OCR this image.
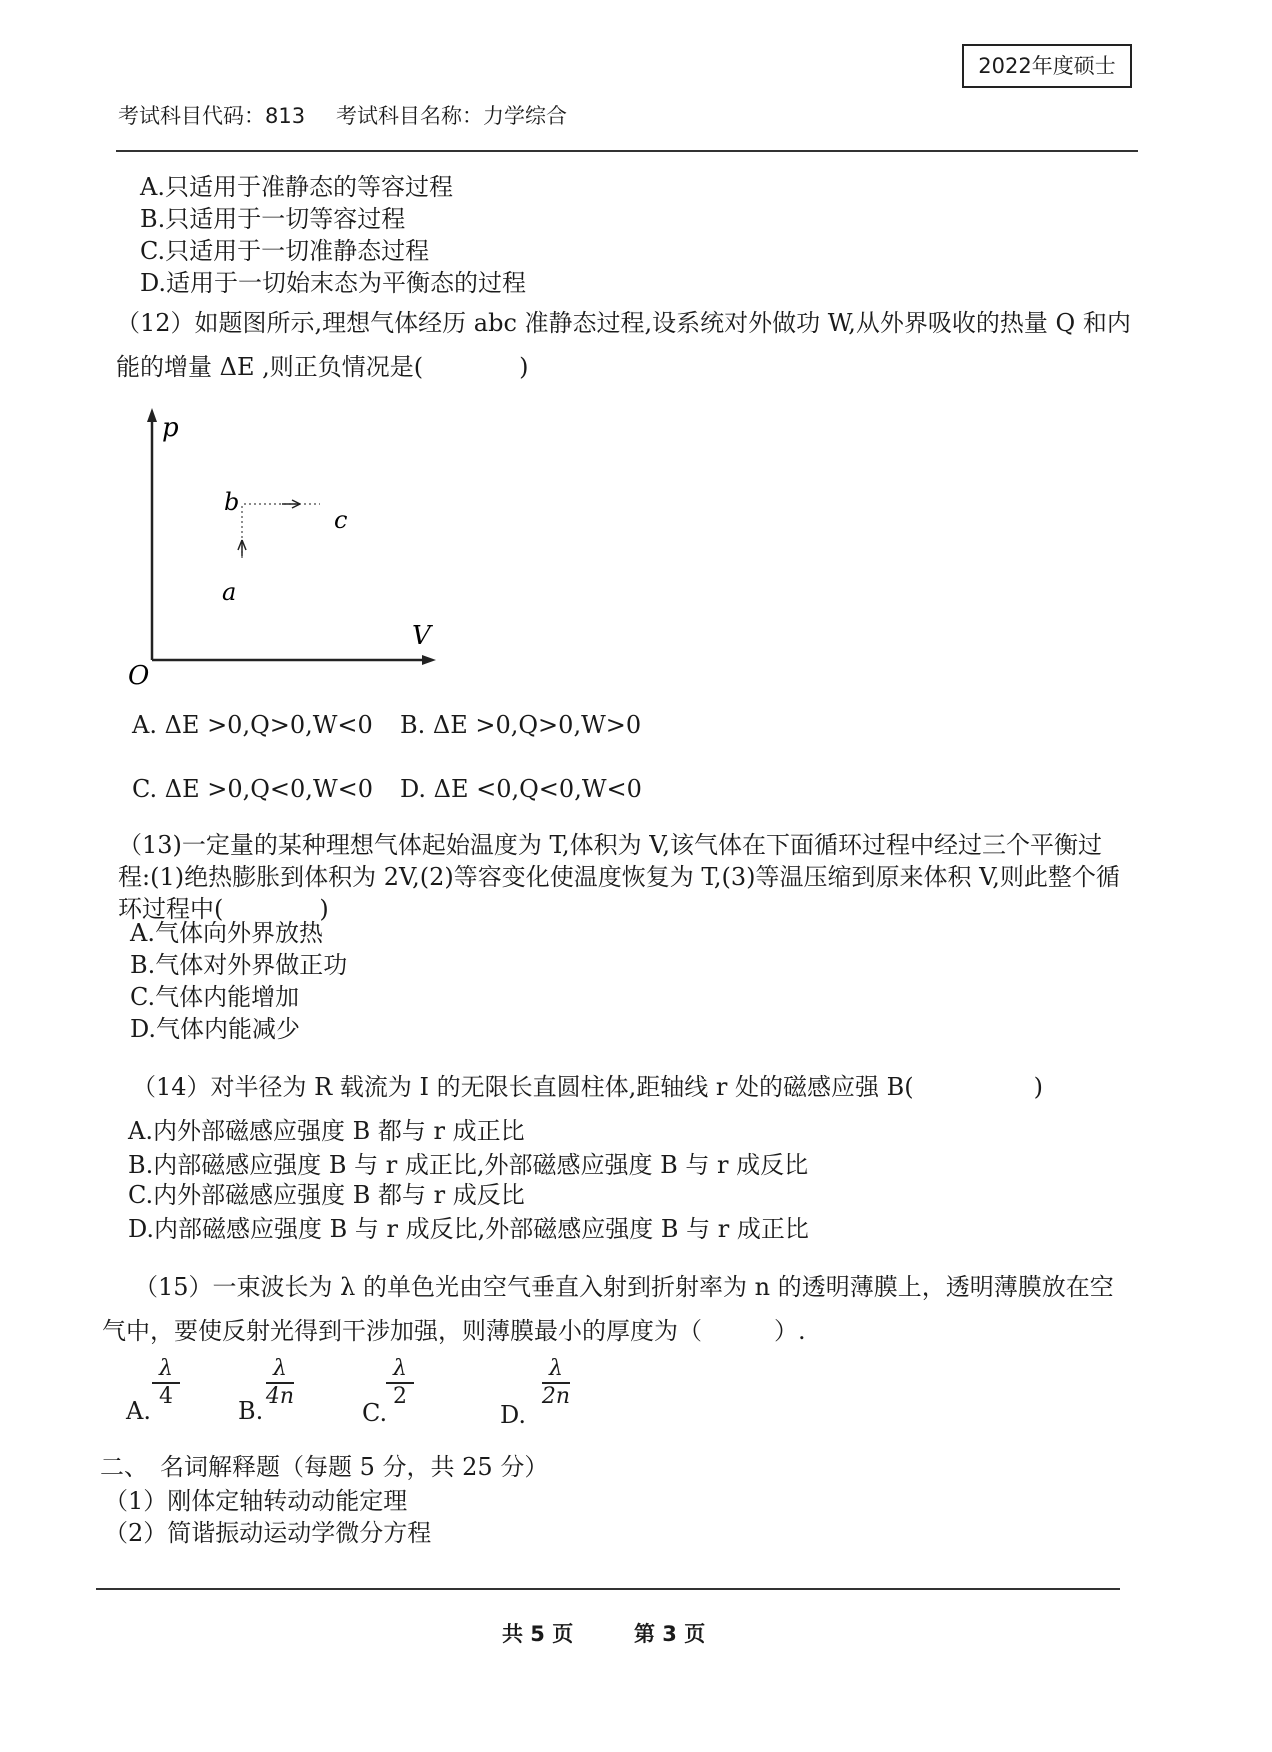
2022年度硕士
考试科目代码：813 考试科目名称：力学综合
A.只适用于准静态的等容过程
B.只适用于一切等容过程
C.只适用于一切准静态过程
D.适用于一切始末态为平衡态的过程
（12）如题图所示,理想气体经历 abc 准静态过程,设系统对外做功 W,从外界吸收的热量 Q 和内
能的增量 ΔE ,则正负情况是(　　　　)
p
V
O
a
b
c
A. ΔE >0,Q>0,W<0 B. ΔE >0,Q>0,W>0
C. ΔE >0,Q<0,W<0 D. ΔE <0,Q<0,W<0
（13)一定量的某种理想气体起始温度为 T,体积为 V,该气体在下面循环过程中经过三个平衡过
程:(1)绝热膨胀到体积为 2V,(2)等容变化使温度恢复为 T,(3)等温压缩到原来体积 V,则此整个循
环过程中(　　　　)
A.气体向外界放热
B.气体对外界做正功
C.气体内能增加
D.气体内能减少
（14）对半径为 R 载流为 I 的无限长直圆柱体,距轴线 r 处的磁感应强 B(　　　　　)
A.内外部磁感应强度 B 都与 r 成正比
B.内部磁感应强度 B 与 r 成正比,外部磁感应强度 B 与 r 成反比
C.内外部磁感应强度 B 都与 r 成反比
D.内部磁感应强度 B 与 r 成反比,外部磁感应强度 B 与 r 成正比
（15）一束波长为 λ 的单色光由空气垂直入射到折射率为 n 的透明薄膜上，透明薄膜放在空
气中，要使反射光得到干涉加强，则薄膜最小的厚度为（　　　）.
A.
λ
4
B.
λ
4n
C.
λ
2
D.
λ
2n
二、　名词解释题（每题 5 分，共 25 分）
（1）刚体定轴转动动能定理
（2）简谐振动运动学微分方程
共 5 页	第 3 页
